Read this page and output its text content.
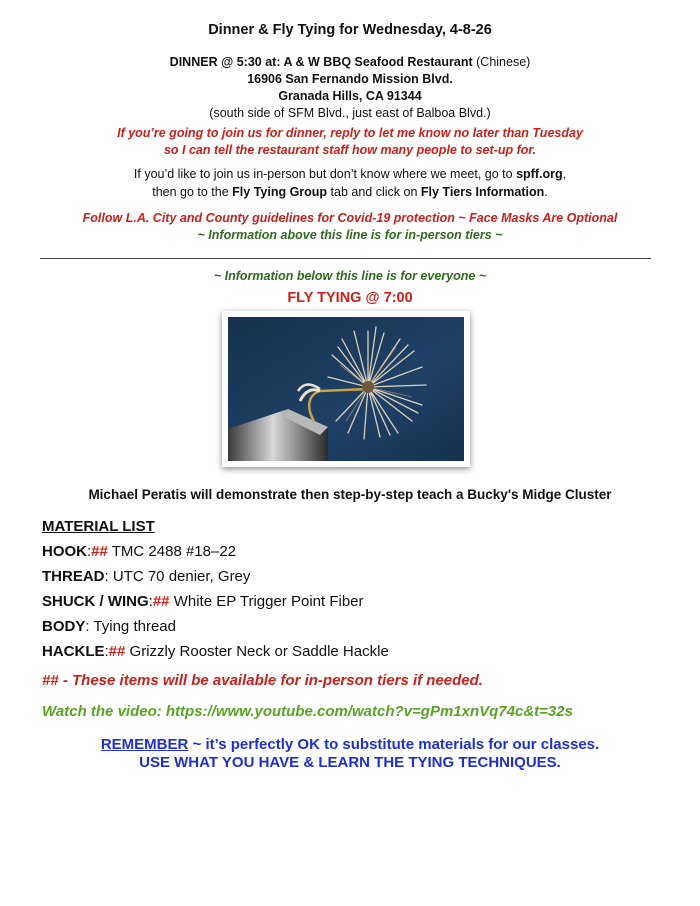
Dinner & Fly Tying for Wednesday, 4-8-26
DINNER @ 5:30 at: A & W BBQ Seafood Restaurant (Chinese)
16906 San Fernando Mission Blvd.
Granada Hills, CA 91344
(south side of SFM Blvd., just east of Balboa Blvd.)
If you’re going to join us for dinner, reply to let me know no later than Tuesday
so I can tell the restaurant staff how many people to set-up for.
If you’d like to join us in-person but don’t know where we meet, go to spff.org,
then go to the Fly Tying Group tab and click on Fly Tiers Information.
Follow L.A. City and County guidelines for Covid-19 protection ~ Face Masks Are Optional
~ Information above this line is for in-person tiers ~
~ Information below this line is for everyone ~
FLY TYING @ 7:00
Michael Peratis will demonstrate then step-by-step teach a Bucky's Midge Cluster
MATERIAL LIST
HOOK:## TMC 2488 #18–22
THREAD: UTC 70 denier, Grey
SHUCK / WING:## White EP Trigger Point Fiber
BODY: Tying thread
HACKLE:## Grizzly Rooster Neck or Saddle Hackle
## - These items will be available for in-person tiers if needed.
Watch the video: https://www.youtube.com/watch?v=gPm1xnVq74c&t=32s
REMEMBER ~ it’s perfectly OK to substitute materials for our classes.
USE WHAT YOU HAVE & LEARN THE TYING TECHNIQUES.
